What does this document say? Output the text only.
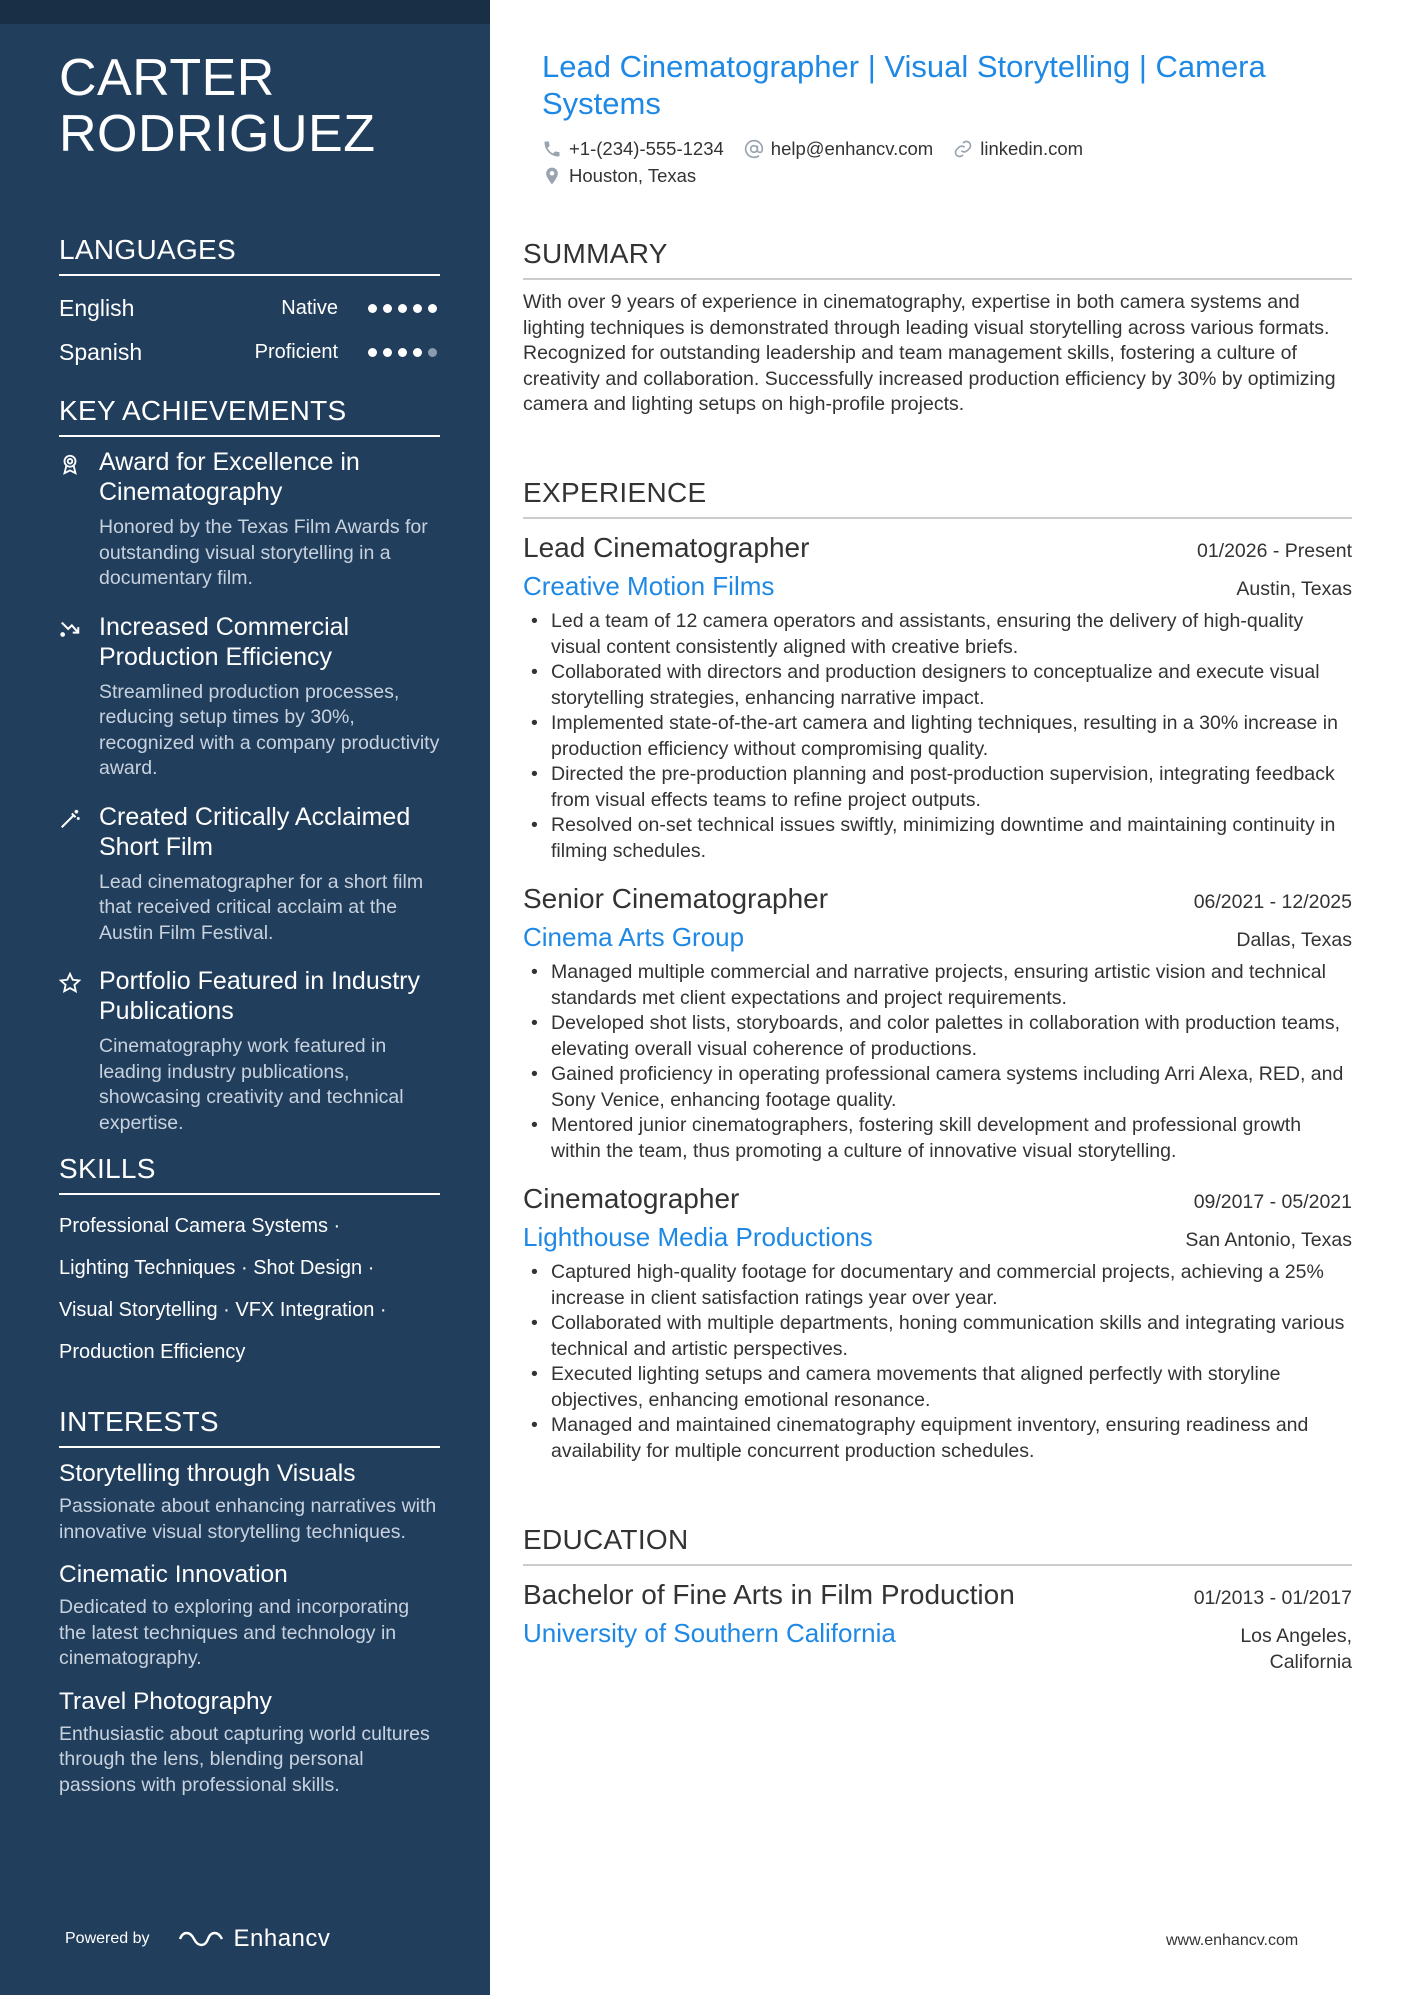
CARTER RODRIGUEZ
LANGUAGES
English	Native
Spanish	Proficient
KEY ACHIEVEMENTS
Award for Excellence in Cinematography
Honored by the Texas Film Awards for outstanding visual storytelling in a documentary film.
Increased Commercial Production Efficiency
Streamlined production processes, reducing setup times by 30%, recognized with a company productivity award.
Created Critically Acclaimed Short Film
Lead cinematographer for a short film that received critical acclaim at the Austin Film Festival.
Portfolio Featured in Industry Publications
Cinematography work featured in leading industry publications, showcasing creativity and technical expertise.
SKILLS
Professional Camera Systems ·
Lighting Techniques · Shot Design ·
Visual Storytelling · VFX Integration ·
Production Efficiency
INTERESTS
Storytelling through Visuals
Passionate about enhancing narratives with innovative visual storytelling techniques.
Cinematic Innovation
Dedicated to exploring and incorporating the latest techniques and technology in cinematography.
Travel Photography
Enthusiastic about capturing world cultures through the lens, blending personal passions with professional skills.
Powered by	Enhancv
Lead Cinematographer | Visual Storytelling | Camera Systems
+1-(234)-555-1234	help@enhancv.com	linkedin.com
Houston, Texas
SUMMARY

With over 9 years of experience in cinematography, expertise in both camera systems and lighting techniques is demonstrated through leading visual storytelling across various formats. Recognized for outstanding leadership and team management skills, fostering a culture of creativity and collaboration. Successfully increased production efficiency by 30% by optimizing camera and lighting setups on high-profile projects.

EXPERIENCE
Lead Cinematographer	01/2026 - Present
Creative Motion Films	Austin, Texas
• Led a team of 12 camera operators and assistants, ensuring the delivery of high-quality visual content consistently aligned with creative briefs.
• Collaborated with directors and production designers to conceptualize and execute visual storytelling strategies, enhancing narrative impact.
• Implemented state-of-the-art camera and lighting techniques, resulting in a 30% increase in production efficiency without compromising quality.
• Directed the pre-production planning and post-production supervision, integrating feedback from visual effects teams to refine project outputs.
• Resolved on-set technical issues swiftly, minimizing downtime and maintaining continuity in filming schedules.
Senior Cinematographer	06/2021 - 12/2025
Cinema Arts Group	Dallas, Texas
• Managed multiple commercial and narrative projects, ensuring artistic vision and technical standards met client expectations and project requirements.
• Developed shot lists, storyboards, and color palettes in collaboration with production teams, elevating overall visual coherence of productions.
• Gained proficiency in operating professional camera systems including Arri Alexa, RED, and Sony Venice, enhancing footage quality.
• Mentored junior cinematographers, fostering skill development and professional growth within the team, thus promoting a culture of innovative visual storytelling.
Cinematographer	09/2017 - 05/2021
Lighthouse Media Productions	San Antonio, Texas
• Captured high-quality footage for documentary and commercial projects, achieving a 25% increase in client satisfaction ratings year over year.
• Collaborated with multiple departments, honing communication skills and integrating various technical and artistic perspectives.
• Executed lighting setups and camera movements that aligned perfectly with storyline objectives, enhancing emotional resonance.
• Managed and maintained cinematography equipment inventory, ensuring readiness and availability for multiple concurrent production schedules.
EDUCATION
Bachelor of Fine Arts in Film Production	01/2013 - 01/2017
University of Southern California	Los Angeles,
California
www.enhancv.com
